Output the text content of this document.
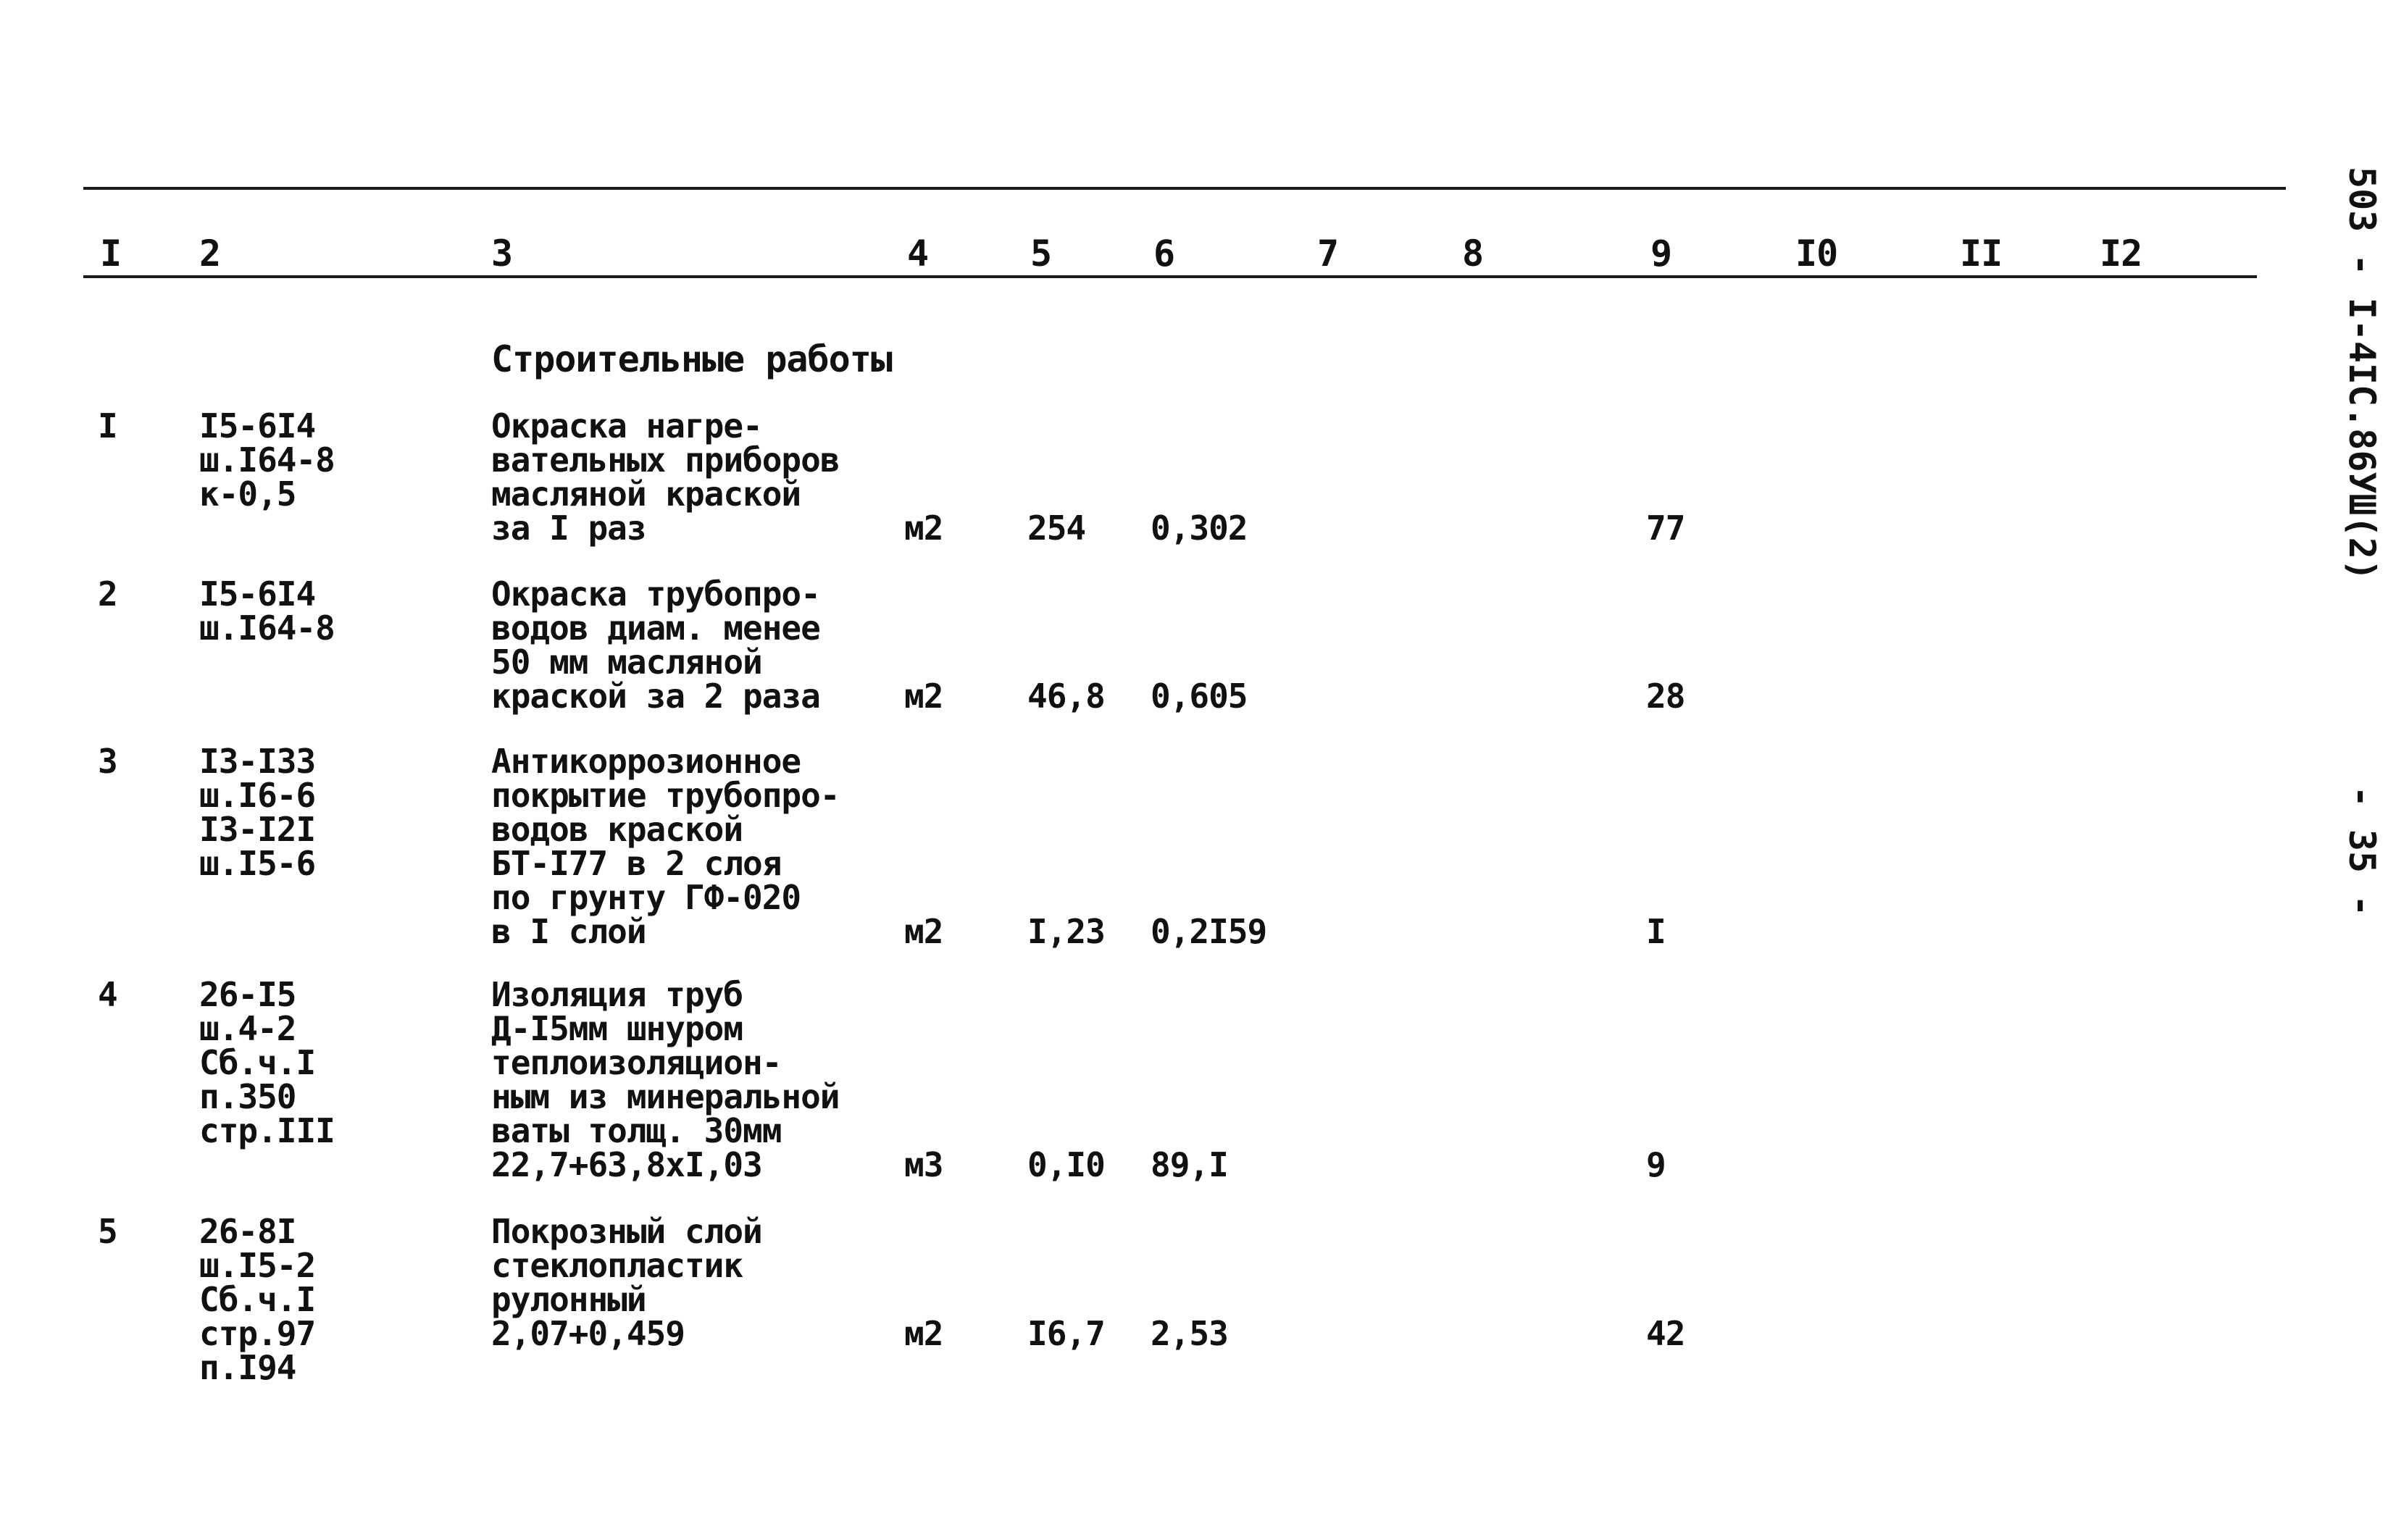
I 2	3	4	5	6	7	8	9	I0	II	I2
Строительные работы
I I5-6I4
ш.I64-8
к-0,5
Окраска нагре-
вательных приборов
масляной краской
за I раз	м2	254 0,302	77
2 I5-6I4
ш.I64-8
Окраска трубопро-
водов диам. менее
50 мм масляной
краской за 2 раза	м2	46,8 0,605	28
3 I3-I33
ш.I6-6
I3-I2I
ш.I5-6
Антикоррозионное
покрытие трубопро-
водов краской
БТ-I77 в 2 слоя
по грунту ГФ-020
в I слой	м2	I,23 0,2I59	I
4 26-I5
ш.4-2
Сб.ч.I
п.350
стр.III
Изоляция труб
Д-I5мм шнуром
теплоизоляцион-
ным из минеральной
ваты толщ. 30мм
22,7+63,8хI,03	м3	0,I0 89,I	9
5 26-8I
ш.I5-2
Сб.ч.I
стр.97
п.I94
Покрозный слой
стеклопластик
рулонный
2,07+0,459	м2	I6,7 2,53	42
503 - I-4IC.86УШ(2)
- 35 -
